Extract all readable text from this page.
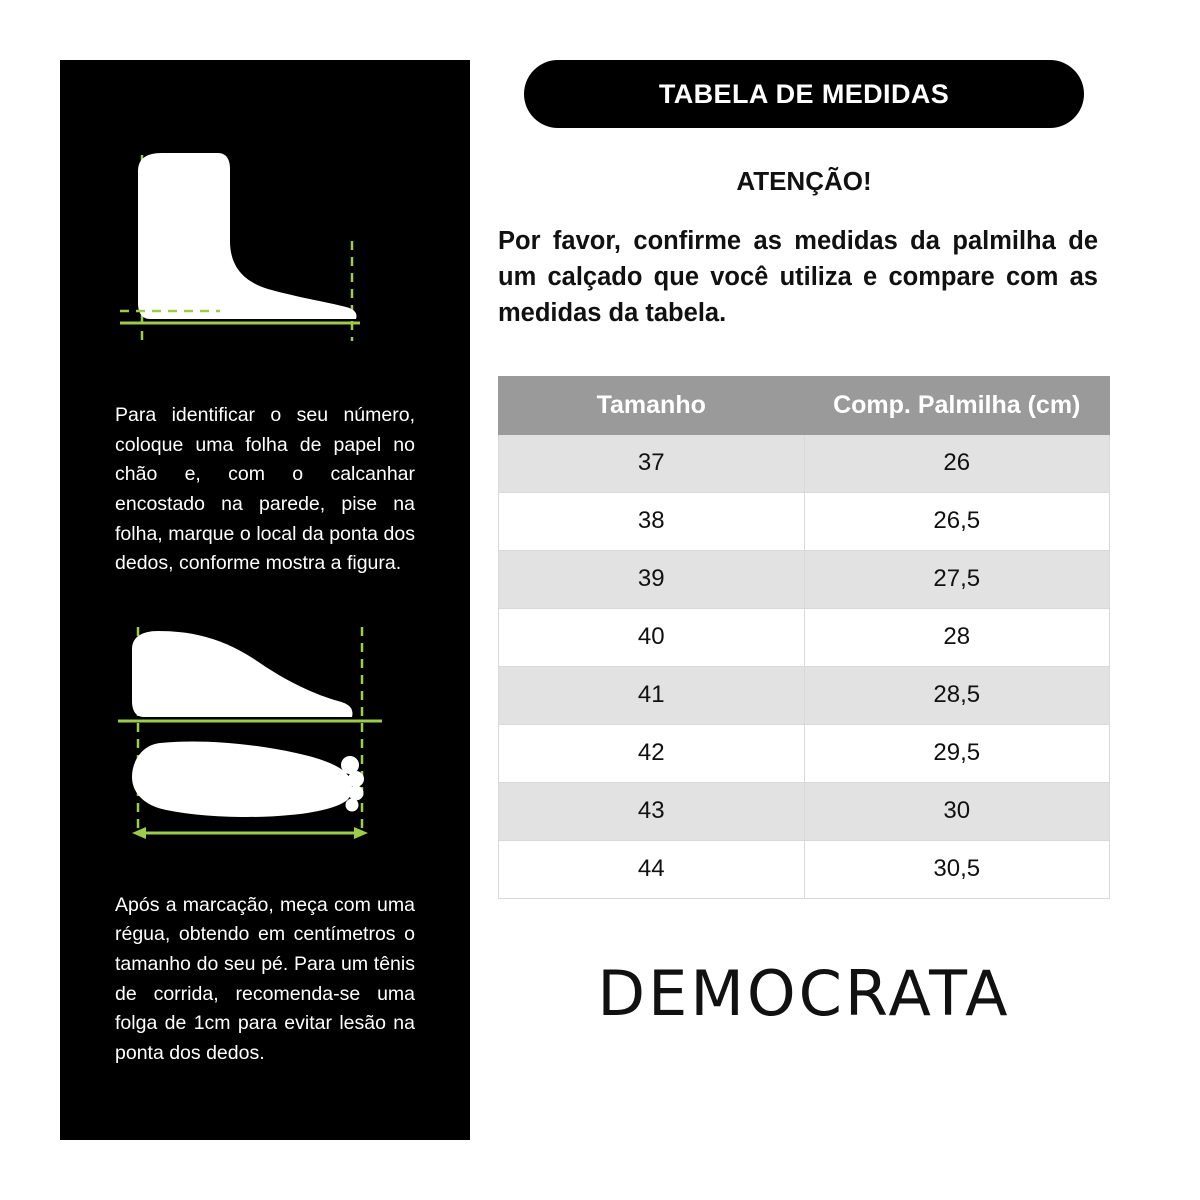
Para identificar o seu número, coloque uma folha de papel no chão e, com o calcanhar encostado na parede, pise na folha, marque o local da ponta dos dedos, conforme mostra a figura.
Após a marcação, meça com uma régua, obtendo em centímetros o tamanho do seu pé. Para um tênis de corrida, recomenda-se uma folga de 1cm para evitar lesão na ponta dos dedos.
TABELA DE MEDIDAS
ATENÇÃO!
Por favor, confirme as medidas da palmilha de um calçado que você utiliza e compare com as medidas da tabela.
Tamanho	Comp. Palmilha (cm)
37	26
38	26,5
39	27,5
40	28
41	28,5
42	29,5
43	30
44	30,5
DEMOCRATA
